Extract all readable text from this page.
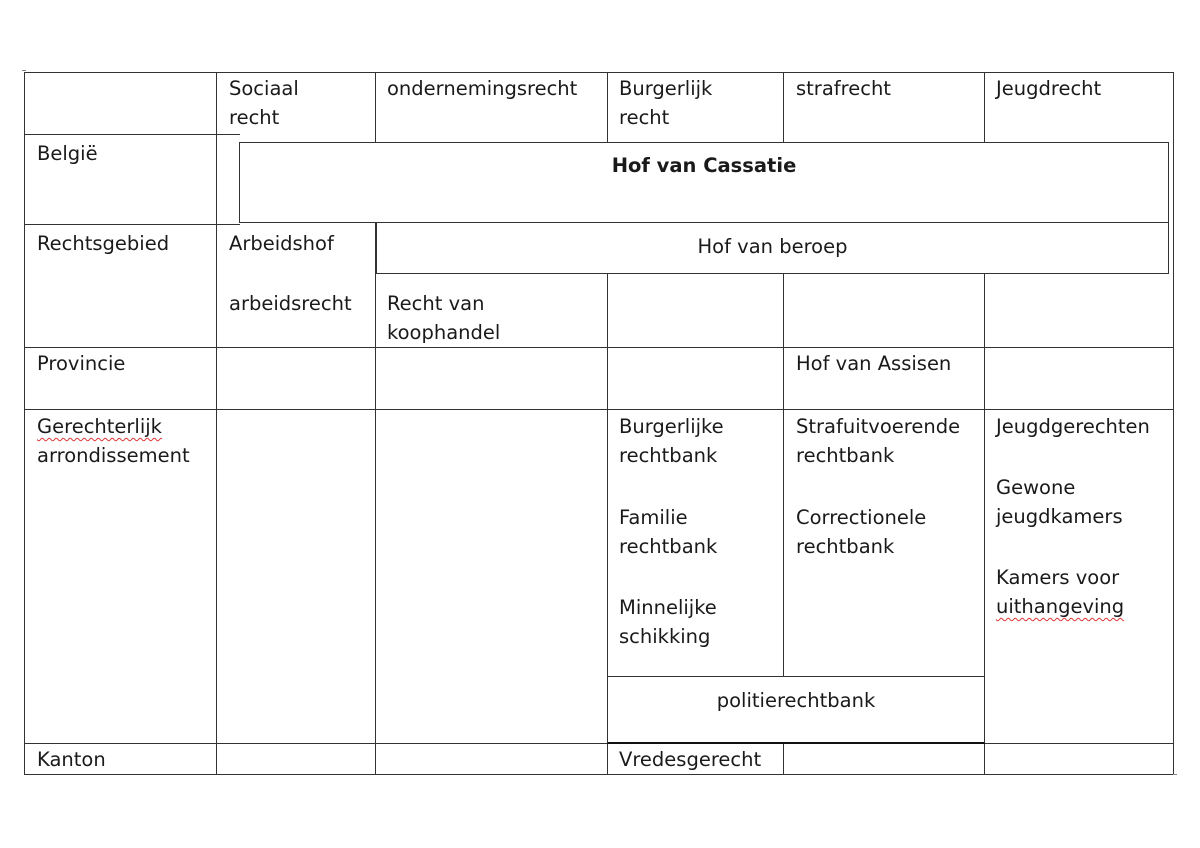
Sociaal
recht
ondernemingsrecht Burgerlijk
recht
strafrecht	Jeugdrecht
België
Rechtsgebied
Provincie
Gerechterlijk
arrondissement
Kanton
Hof van Cassatie
Arbeidshof	Hof van beroep
arbeidsrecht Recht van
koophandel
Hof van Assisen
Burgerlijke
rechtbank
Familie
rechtbank
Minnelijke
schikking
Strafuitvoerende
rechtbank
Correctionele
rechtbank
Jeugdgerechten
Gewone
jeugdkamers
Kamers voor
uithangeving
politierechtbank
Vredesgerecht
